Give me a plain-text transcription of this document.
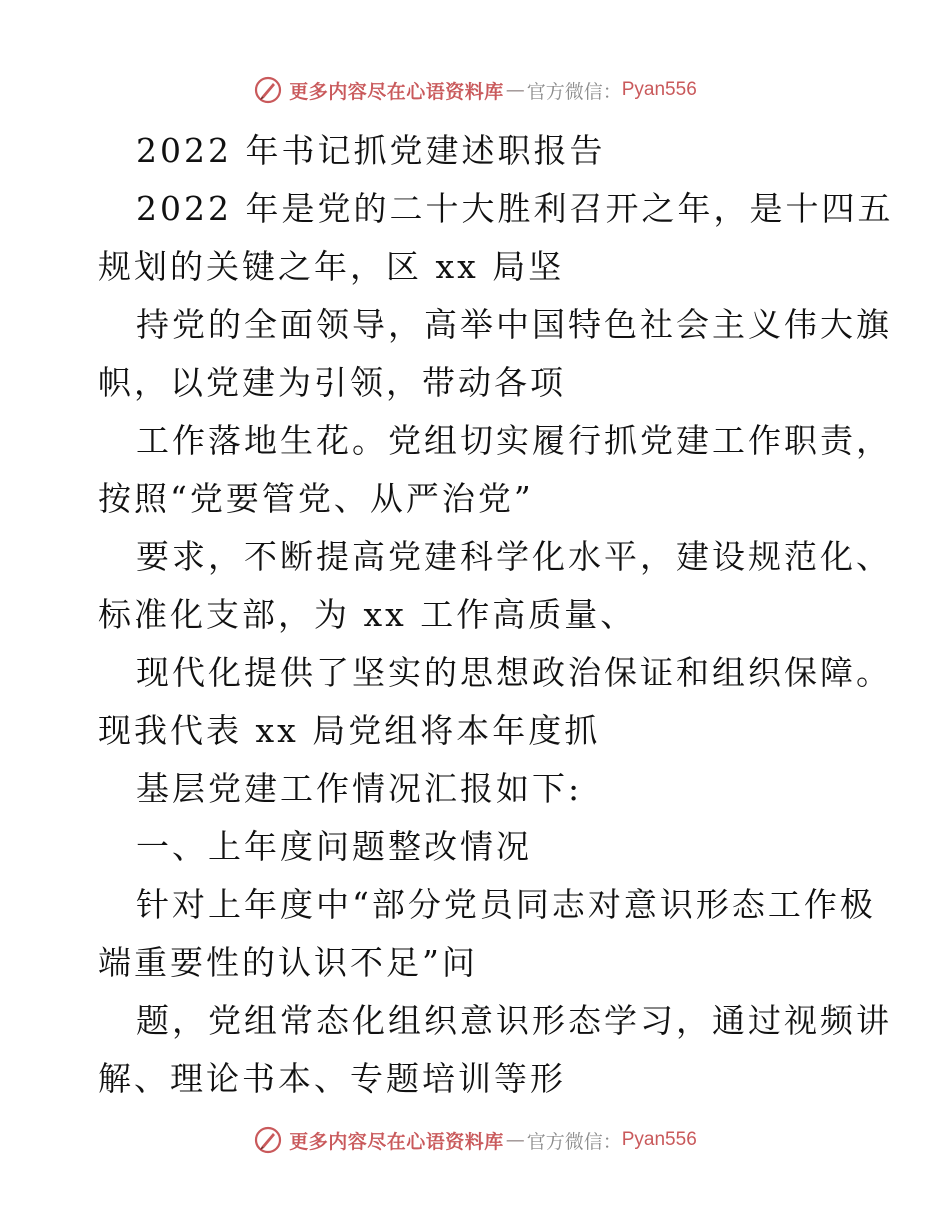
更多内容尽在心语资料库 — 官方微信： Pyan556
2022 年书记抓党建述职报告
2022 年是党的二十大胜利召开之年，是十四五
规划的关键之年，区 xx 局坚
持党的全面领导，高举中国特色社会主义伟大旗
帜，以党建为引领，带动各项
工作落地生花。党组切实履行抓党建工作职责，
按照“党要管党、从严治党”
要求，不断提高党建科学化水平，建设规范化、
标准化支部，为 xx 工作高质量、
现代化提供了坚实的思想政治保证和组织保障。
现我代表 xx 局党组将本年度抓
基层党建工作情况汇报如下:
一、上年度问题整改情况
针对上年度中“部分党员同志对意识形态工作极
端重要性的认识不足”问
题，党组常态化组织意识形态学习，通过视频讲
解、理论书本、专题培训等形
更多内容尽在心语资料库 — 官方微信： Pyan556
